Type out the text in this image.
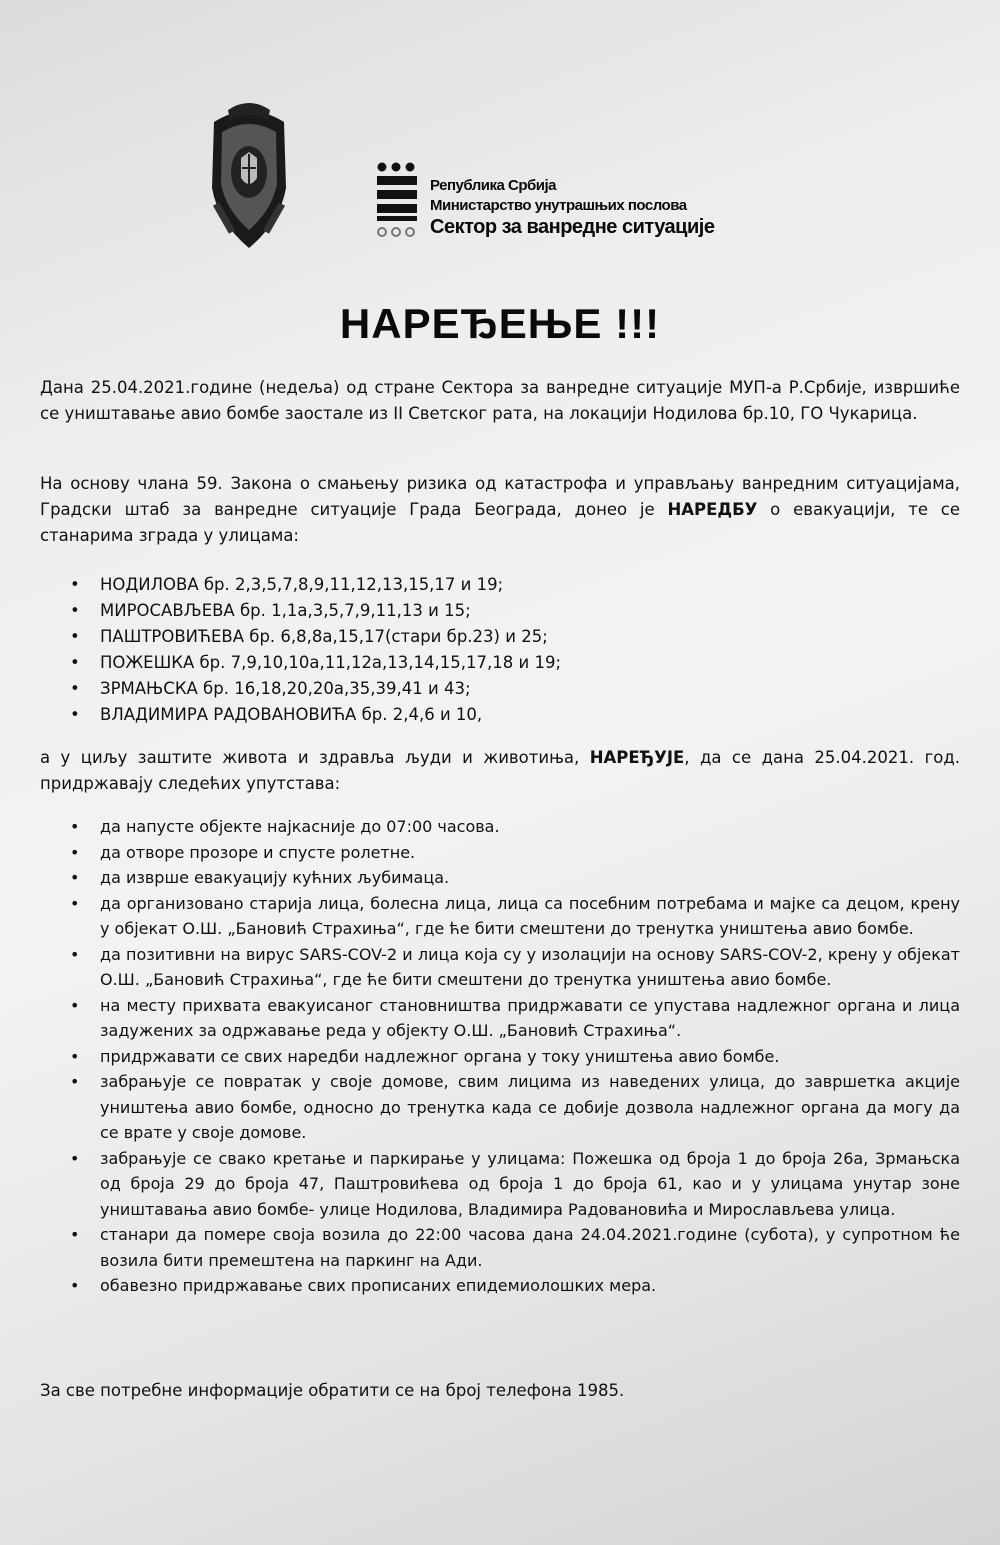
Република Србија
Министарство унутрашњих послова
Сектор за ванредне ситуације
НАРЕЂЕЊЕ !!!

Дана 25.04.2021.године (недеља) од стране Сектора за ванредне ситуације МУП-а Р.Србије, извршиће се уништавање авио бомбе заостале из II Светског рата, на локацији Нодилова бр.10, ГО Чукарица.

На основу члана 59. Закона о смањењу ризика од катастрофа и управљању ванредним ситуацијама, Градски штаб за ванредне ситуације Града Београда, донео је НАРЕДБУ о евакуацији, те се станарима зграда у улицама:

• НОДИЛОВА бр. 2,3,5,7,8,9,11,12,13,15,17 и 19;
• МИРОСАВЉЕВА бр. 1,1а,3,5,7,9,11,13 и 15;
• ПАШТРОВИЋЕВА бр. 6,8,8а,15,17(стари бр.23) и 25;
• ПОЖЕШКА бр. 7,9,10,10а,11,12а,13,14,15,17,18 и 19;
• ЗРМАЊСКА бр. 16,18,20,20а,35,39,41 и 43;
• ВЛАДИМИРА РАДОВАНОВИЋА бр. 2,4,6 и 10,

а у циљу заштите живота и здравља људи и животиња, НАРЕЂУЈЕ, да се дана 25.04.2021. год. придржавају следећих упутстава:

• да напусте објекте најкасније до 07:00 часова.
• да отворе прозоре и спусте ролетне.
• да изврше евакуацију кућних љубимаца.
• да организовано старија лица, болесна лица, лица са посебним потребама и мајке са децом, крену у објекат О.Ш. „Бановић Страхиња“, где ће бити смештени до тренутка уништења авио бомбе.
• да позитивни на вирус SARS-COV-2 и лица која су у изолацији на основу SARS-COV-2, крену у објекат О.Ш. „Бановић Страхиња“, где ће бити смештени до тренутка уништења авио бомбе.
• на месту прихвата евакуисаног становништва придржавати се упустава надлежног органа и лица задужених за одржавање реда у објекту О.Ш. „Бановић Страхиња“.
• придржавати се свих наредби надлежног органа у току уништења авио бомбе.
• забрањује се повратак у своје домове, свим лицима из наведених улица, до завршетка акције уништења авио бомбе, односно до тренутка када се добије дозвола надлежног органа да могу да се врате у своје домове.
• забрањује се свако кретање и паркирање у улицама: Пожешка од броја 1 до броја 26а, Зрмањска од броја 29 до броја 47, Паштровићева од броја 1 до броја 61, као и у улицама унутар зоне уништавања авио бомбе- улице Нодилова, Владимира Радовановића и Мирослављева улица.
• станари да помере своја возила до 22:00 часова дана 24.04.2021.године (субота), у супротном ће возила бити премештена на паркинг на Ади.
• обавезно придржавање свих прописаних епидемиолошких мера.

За све потребне информације обратити се на број телефона 1985.
